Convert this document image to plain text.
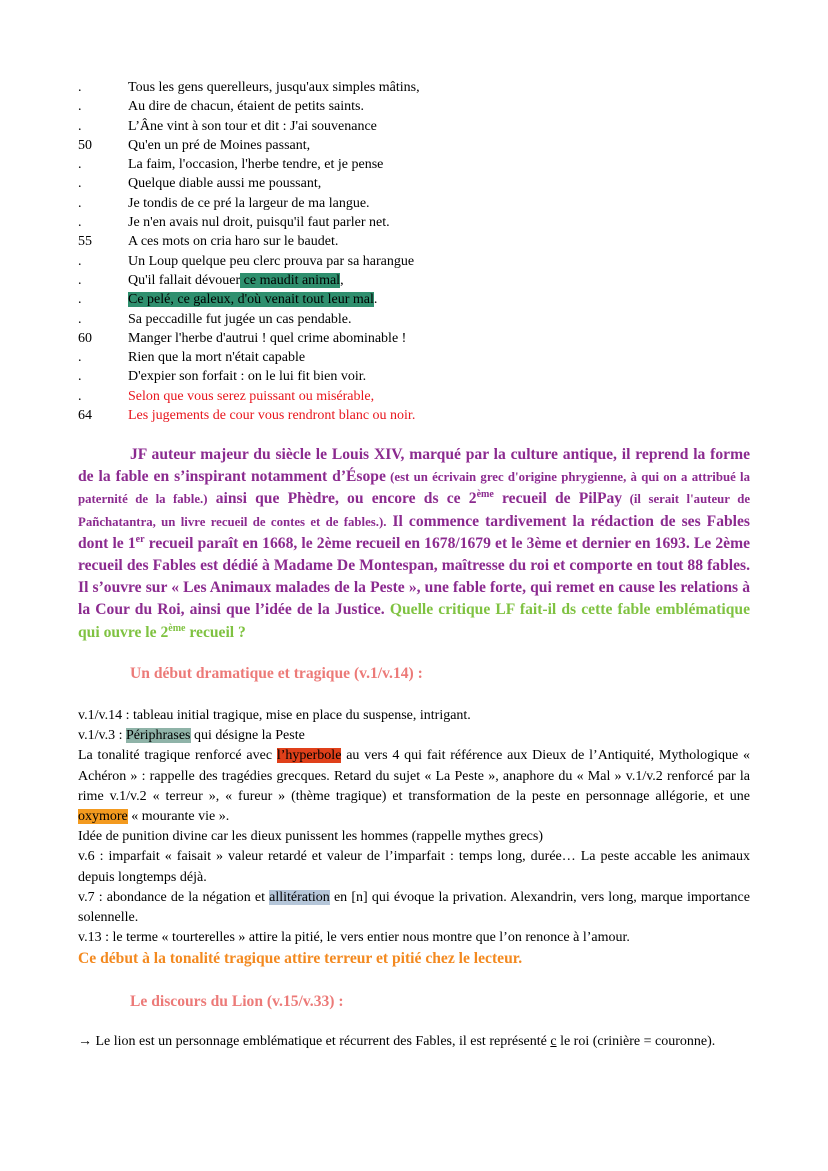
.	Tous les gens querelleurs, jusqu'aux simples mâtins,
.	Au dire de chacun, étaient de petits saints.
.	L’Âne vint à son tour et dit : J'ai souvenance
50	Qu'en un pré de Moines passant,
.	La faim, l'occasion, l'herbe tendre, et je pense
.	Quelque diable aussi me poussant,
.	Je tondis de ce pré la largeur de ma langue.
.	Je n'en avais nul droit, puisqu'il faut parler net.
55	A ces mots on cria haro sur le baudet.
.	Un Loup quelque peu clerc prouva par sa harangue
.	Qu'il fallait dévouer ce maudit animal,
.	Ce pelé, ce galeux, d'où venait tout leur mal.
.	Sa peccadille fut jugée un cas pendable.
60	Manger l'herbe d'autrui ! quel crime abominable !
.	Rien que la mort n'était capable
.	D'expier son forfait : on le lui fit bien voir.
.	Selon que vous serez puissant ou misérable,
64	Les jugements de cour vous rendront blanc ou noir.
JF auteur majeur du siècle le Louis XIV, marqué par la culture antique, il reprend la forme de la fable en s’inspirant notamment d’Ésope (est un écrivain grec d'origine phrygienne, à qui on a attribué la paternité de la fable.) ainsi que Phèdre, ou encore ds ce 2ème recueil de PilPay (il serait l'auteur de Pañchatantra, un livre recueil de contes et de fables.). Il commence tardivement la rédaction de ses Fables dont le 1er recueil paraît en 1668, le 2ème recueil en 1678/1679 et le 3ème et dernier en 1693. Le 2ème recueil des Fables est dédié à Madame De Montespan, maîtresse du roi et comporte en tout 88 fables. Il s’ouvre sur « Les Animaux malades de la Peste », une fable forte, qui remet en cause les relations à la Cour du Roi, ainsi que l’idée de la Justice. Quelle critique LF fait-il ds cette fable emblématique qui ouvre le 2ème recueil ?
Un début dramatique et tragique (v.1/v.14) :

v.1/v.14 : tableau initial tragique, mise en place du suspense, intrigant.

v.1/v.3 : Périphrases qui désigne la Peste

La tonalité tragique renforcé avec l’hyperbole au vers 4 qui fait référence aux Dieux de l’Antiquité, Mythologique « Achéron » : rappelle des tragédies grecques. Retard du sujet « La Peste », anaphore du « Mal » v.1/v.2 renforcé par la rime v.1/v.2 « terreur », « fureur » (thème tragique) et transformation de la peste en personnage allégorie, et une oxymore « mourante vie ».

Idée de punition divine car les dieux punissent les hommes (rappelle mythes grecs)

v.6 : imparfait « faisait » valeur retardé et valeur de l’imparfait : temps long, durée… La peste accable les animaux depuis longtemps déjà.

v.7 : abondance de la négation et allitération en [n] qui évoque la privation. Alexandrin, vers long, marque importance solennelle.

v.13 : le terme « tourterelles » attire la pitié, le vers entier nous montre que l’on renonce à l’amour.

Ce début à la tonalité tragique attire terreur et pitié chez le lecteur.

Le discours du Lion (v.15/v.33) :
→ Le lion est un personnage emblématique et récurrent des Fables, il est représenté c le roi (crinière = couronne).
